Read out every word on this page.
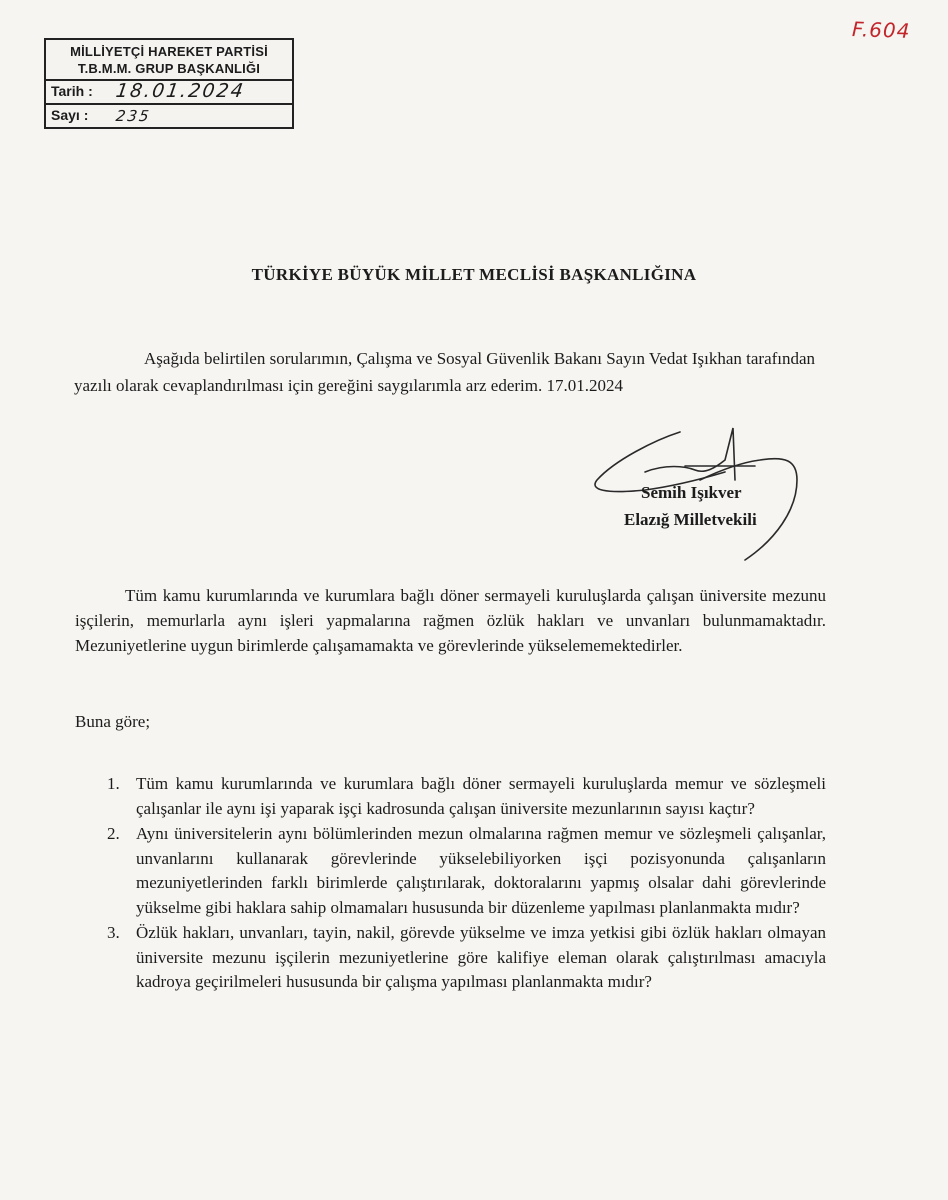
MİLLİYETÇİ HAREKET PARTİSİ
T.B.M.M. GRUP BAŞKANLIĞI
Tarih : 18.01.2024
Sayı : 235
F.604
TÜRKİYE BÜYÜK MİLLET MECLİSİ BAŞKANLIĞINA
Aşağıda belirtilen sorularımın, Çalışma ve Sosyal Güvenlik Bakanı Sayın Vedat Işıkhan tarafından yazılı olarak cevaplandırılması için gereğini saygılarımla arz ederim. 17.01.2024
Semih Işıkver
Elazığ Milletvekili
Tüm kamu kurumlarında ve kurumlara bağlı döner sermayeli kuruluşlarda çalışan üniversite mezunu işçilerin, memurlarla aynı işleri yapmalarına rağmen özlük hakları ve unvanları bulunmamaktadır. Mezuniyetlerine uygun birimlerde çalışamamakta ve görevlerinde yükselememektedirler.
Buna göre;
1. Tüm kamu kurumlarında ve kurumlara bağlı döner sermayeli kuruluşlarda memur ve sözleşmeli çalışanlar ile aynı işi yaparak işçi kadrosunda çalışan üniversite mezunlarının sayısı kaçtır?
2. Aynı üniversitelerin aynı bölümlerinden mezun olmalarına rağmen memur ve sözleşmeli çalışanlar, unvanlarını kullanarak görevlerinde yükselebiliyorken işçi pozisyonunda çalışanların mezuniyetlerinden farklı birimlerde çalıştırılarak, doktoralarını yapmış olsalar dahi görevlerinde yükselme gibi haklara sahip olmamaları hususunda bir düzenleme yapılması planlanmakta mıdır?
3. Özlük hakları, unvanları, tayin, nakil, görevde yükselme ve imza yetkisi gibi özlük hakları olmayan üniversite mezunu işçilerin mezuniyetlerine göre kalifiye eleman olarak çalıştırılması amacıyla kadroya geçirilmeleri hususunda bir çalışma yapılması planlanmakta mıdır?
